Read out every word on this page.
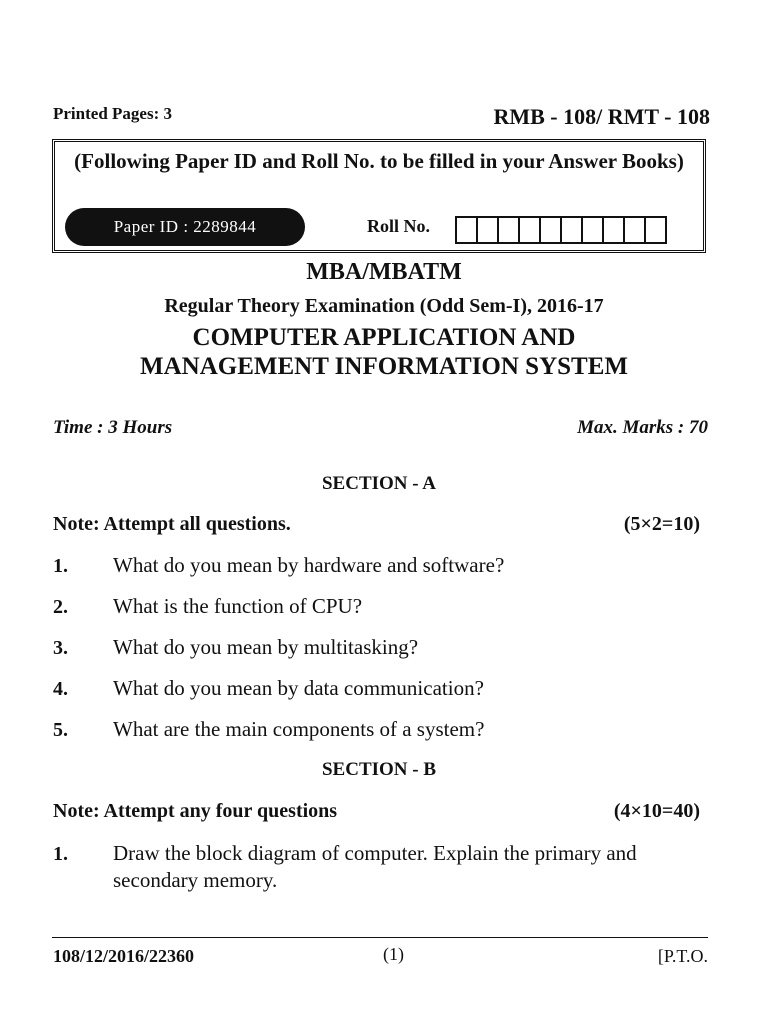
Printed Pages: 3	RMB - 108/ RMT - 108
(Following Paper ID and Roll No. to be filled in your Answer Books)
Paper ID : 2289844	Roll No.
MBA/MBATM
Regular Theory Examination (Odd Sem-I), 2016-17
COMPUTER APPLICATION AND
MANAGEMENT INFORMATION SYSTEM
Time : 3 Hours	Max. Marks : 70
SECTION - A
Note: Attempt all questions.	(5×2=10)
1. What do you mean by hardware and software?
2. What is the function of CPU?
3. What do you mean by multitasking?
4. What do you mean by data communication?
5. What are the main components of a system?
SECTION - B
Note: Attempt any four questions	(4×10=40)
1. Draw the block diagram of computer. Explain the primary and secondary memory.
108/12/2016/22360	(1)	[P.T.O.
